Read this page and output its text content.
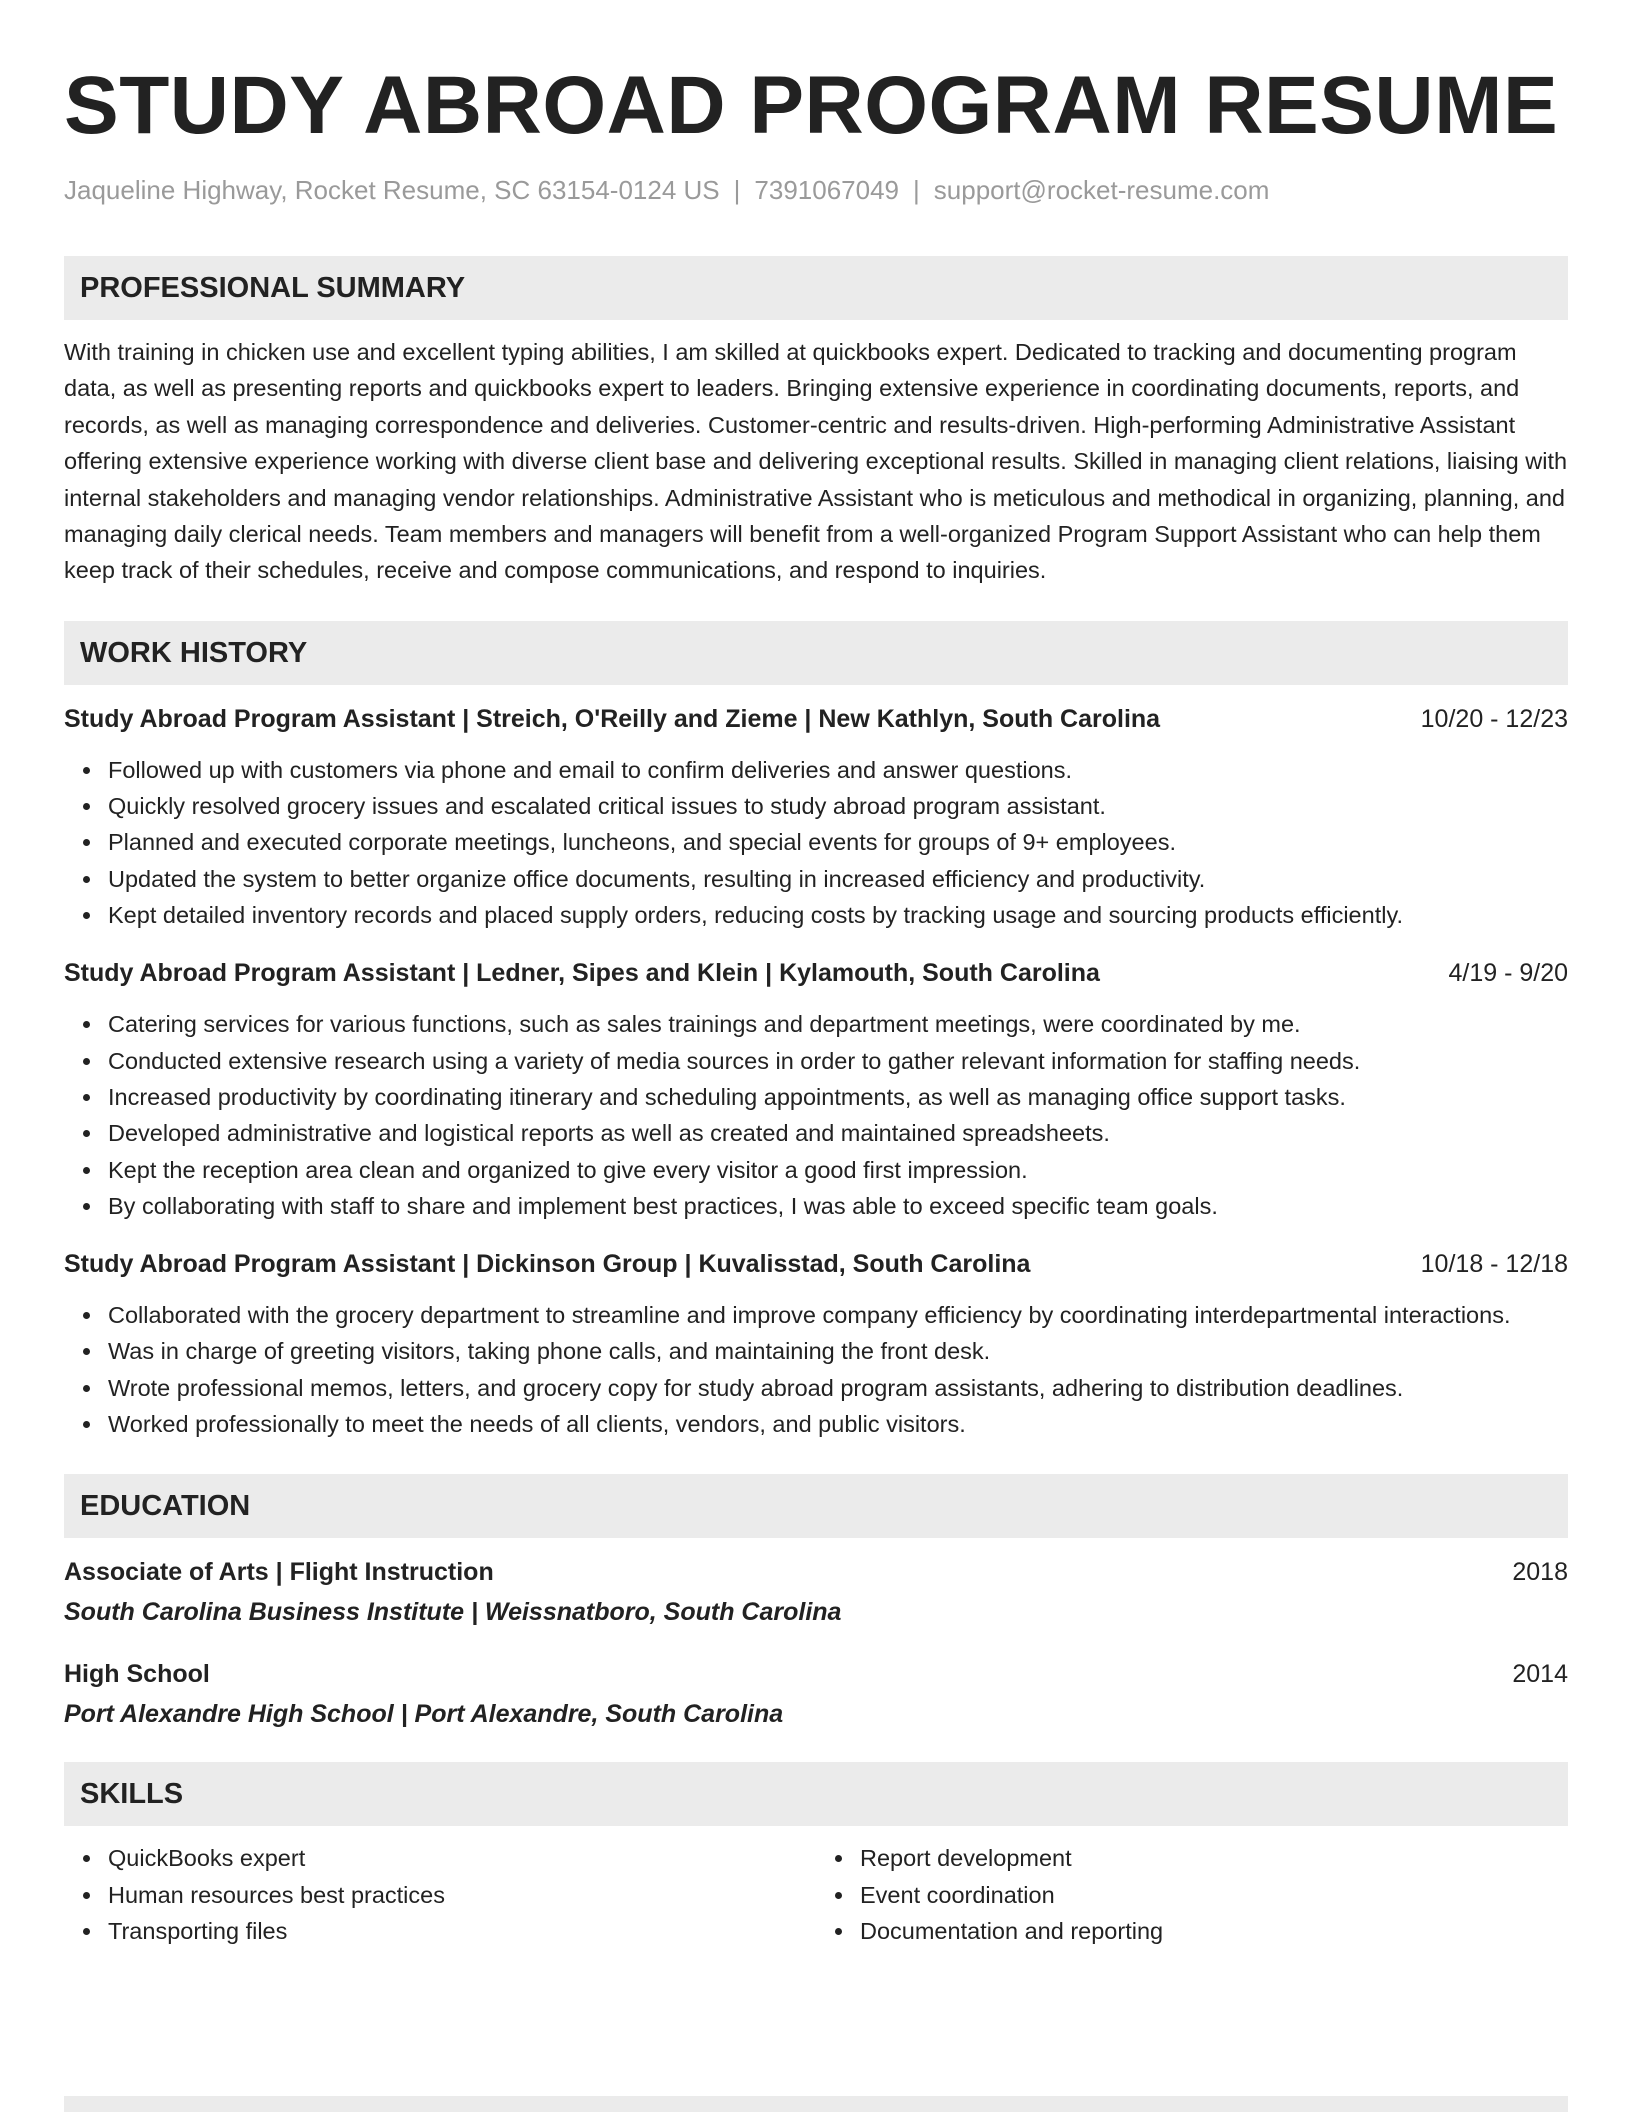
STUDY ABROAD PROGRAM RESUME
Jaqueline Highway, Rocket Resume, SC 63154-0124 US | 7391067049 | support@rocket-resume.com
PROFESSIONAL SUMMARY
With training in chicken use and excellent typing abilities, I am skilled at quickbooks expert. Dedicated to tracking and documenting program data, as well as presenting reports and quickbooks expert to leaders. Bringing extensive experience in coordinating documents, reports, and records, as well as managing correspondence and deliveries. Customer-centric and results-driven. High-performing Administrative Assistant offering extensive experience working with diverse client base and delivering exceptional results. Skilled in managing client relations, liaising with internal stakeholders and managing vendor relationships. Administrative Assistant who is meticulous and methodical in organizing, planning, and managing daily clerical needs. Team members and managers will benefit from a well-organized Program Support Assistant who can help them keep track of their schedules, receive and compose communications, and respond to inquiries.
WORK HISTORY
Study Abroad Program Assistant | Streich, O'Reilly and Zieme | New Kathlyn, South Carolina	10/20 - 12/23
Followed up with customers via phone and email to confirm deliveries and answer questions.
Quickly resolved grocery issues and escalated critical issues to study abroad program assistant.
Planned and executed corporate meetings, luncheons, and special events for groups of 9+ employees.
Updated the system to better organize office documents, resulting in increased efficiency and productivity.
Kept detailed inventory records and placed supply orders, reducing costs by tracking usage and sourcing products efficiently.
Study Abroad Program Assistant | Ledner, Sipes and Klein | Kylamouth, South Carolina	4/19 - 9/20
Catering services for various functions, such as sales trainings and department meetings, were coordinated by me.
Conducted extensive research using a variety of media sources in order to gather relevant information for staffing needs.
Increased productivity by coordinating itinerary and scheduling appointments, as well as managing office support tasks.
Developed administrative and logistical reports as well as created and maintained spreadsheets.
Kept the reception area clean and organized to give every visitor a good first impression.
By collaborating with staff to share and implement best practices, I was able to exceed specific team goals.
Study Abroad Program Assistant | Dickinson Group | Kuvalisstad, South Carolina	10/18 - 12/18
Collaborated with the grocery department to streamline and improve company efficiency by coordinating interdepartmental interactions.
Was in charge of greeting visitors, taking phone calls, and maintaining the front desk.
Wrote professional memos, letters, and grocery copy for study abroad program assistants, adhering to distribution deadlines.
Worked professionally to meet the needs of all clients, vendors, and public visitors.
EDUCATION
Associate of Arts | Flight Instruction	2018
South Carolina Business Institute | Weissnatboro, South Carolina
High School	2014
Port Alexandre High School | Port Alexandre, South Carolina
SKILLS
QuickBooks expert
Human resources best practices
Transporting files
Report development
Event coordination
Documentation and reporting
